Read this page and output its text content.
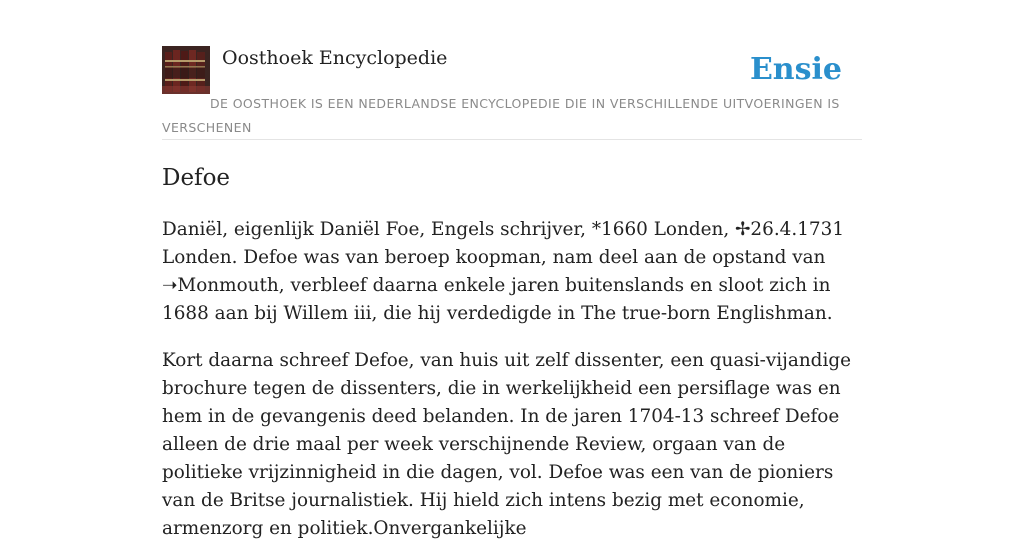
Oosthoek Encyclopedie	Ensie
DE OOSTHOEK IS EEN NEDERLANDSE ENCYCLOPEDIE DIE IN VERSCHILLENDE UITVOERINGEN IS VERSCHENEN
Defoe

Daniël, eigenlijk Daniël Foe, Engels schrijver, *1660 Londen, ✢26.4.1731 Londen. Defoe was van beroep koopman, nam deel aan de opstand van ➝Monmouth, verbleef daarna enkele jaren buitenslands en sloot zich in 1688 aan bij Willem iii, die hij verdedigde in The true-born Englishman.

Kort daarna schreef Defoe, van huis uit zelf dissenter, een quasi-vijandige brochure tegen de dissenters, die in werkelijkheid een persiflage was en hem in de gevangenis deed belanden. In de jaren 1704-13 schreef Defoe alleen de drie maal per week verschijnende Review, orgaan van de politieke vrijzinnigheid in die dagen, vol. Defoe was een van de pioniers van de Britse journalistiek. Hij hield zich intens bezig met economie, armenzorg en politiek.Onvergankelijke
